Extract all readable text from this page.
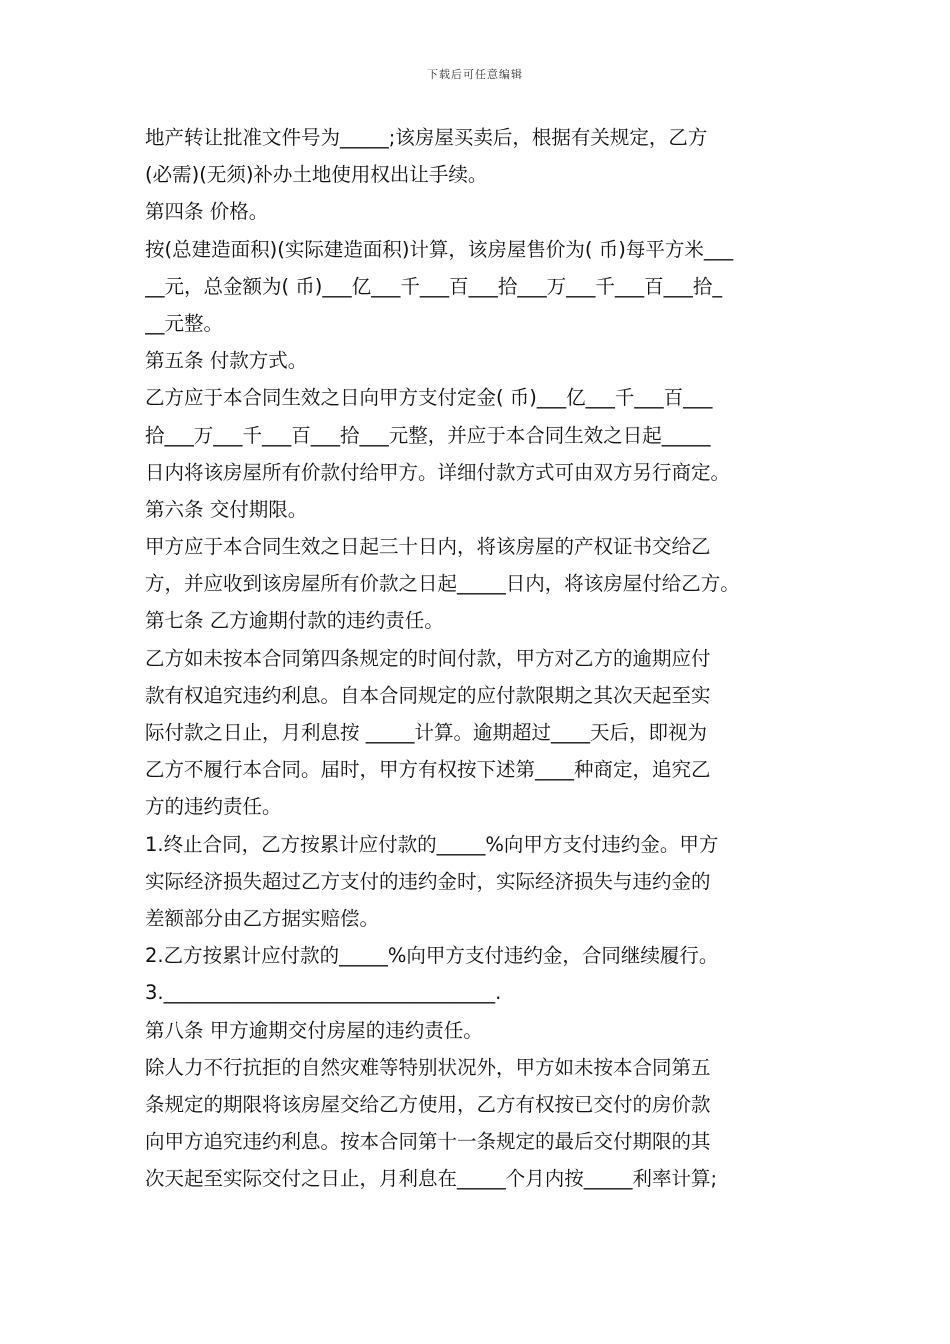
下载后可任意编辑
地产转让批准文件号为_____;该房屋买卖后，根据有关规定，乙方
(必需)(无须)补办土地使用权出让手续。
第四条 价格。
按(总建造面积)(实际建造面积)计算，该房屋售价为( 币)每平方米___
__元，总金额为( 币)___亿___千___百___拾___万___千___百___拾_
__元整。
第五条 付款方式。
乙方应于本合同生效之日向甲方支付定金( 币)___亿___千___百___
拾___万___千___百___拾___元整，并应于本合同生效之日起_____
日内将该房屋所有价款付给甲方。详细付款方式可由双方另行商定。
第六条 交付期限。
甲方应于本合同生效之日起三十日内，将该房屋的产权证书交给乙
方，并应收到该房屋所有价款之日起_____日内，将该房屋付给乙方。
第七条 乙方逾期付款的违约责任。
乙方如未按本合同第四条规定的时间付款，甲方对乙方的逾期应付
款有权追究违约利息。自本合同规定的应付款限期之其次天起至实
际付款之日止，月利息按 _____计算。逾期超过____天后，即视为
乙方不履行本合同。届时，甲方有权按下述第____种商定，追究乙
方的违约责任。
1.终止合同，乙方按累计应付款的_____%向甲方支付违约金。甲方
实际经济损失超过乙方支付的违约金时，实际经济损失与违约金的
差额部分由乙方据实赔偿。
2.乙方按累计应付款的_____%向甲方支付违约金，合同继续履行。
3.__________________________________.
第八条 甲方逾期交付房屋的违约责任。
除人力不行抗拒的自然灾难等特别状况外，甲方如未按本合同第五
条规定的期限将该房屋交给乙方使用，乙方有权按已交付的房价款
向甲方追究违约利息。按本合同第十一条规定的最后交付期限的其
次天起至实际交付之日止，月利息在_____个月内按_____利率计算;
